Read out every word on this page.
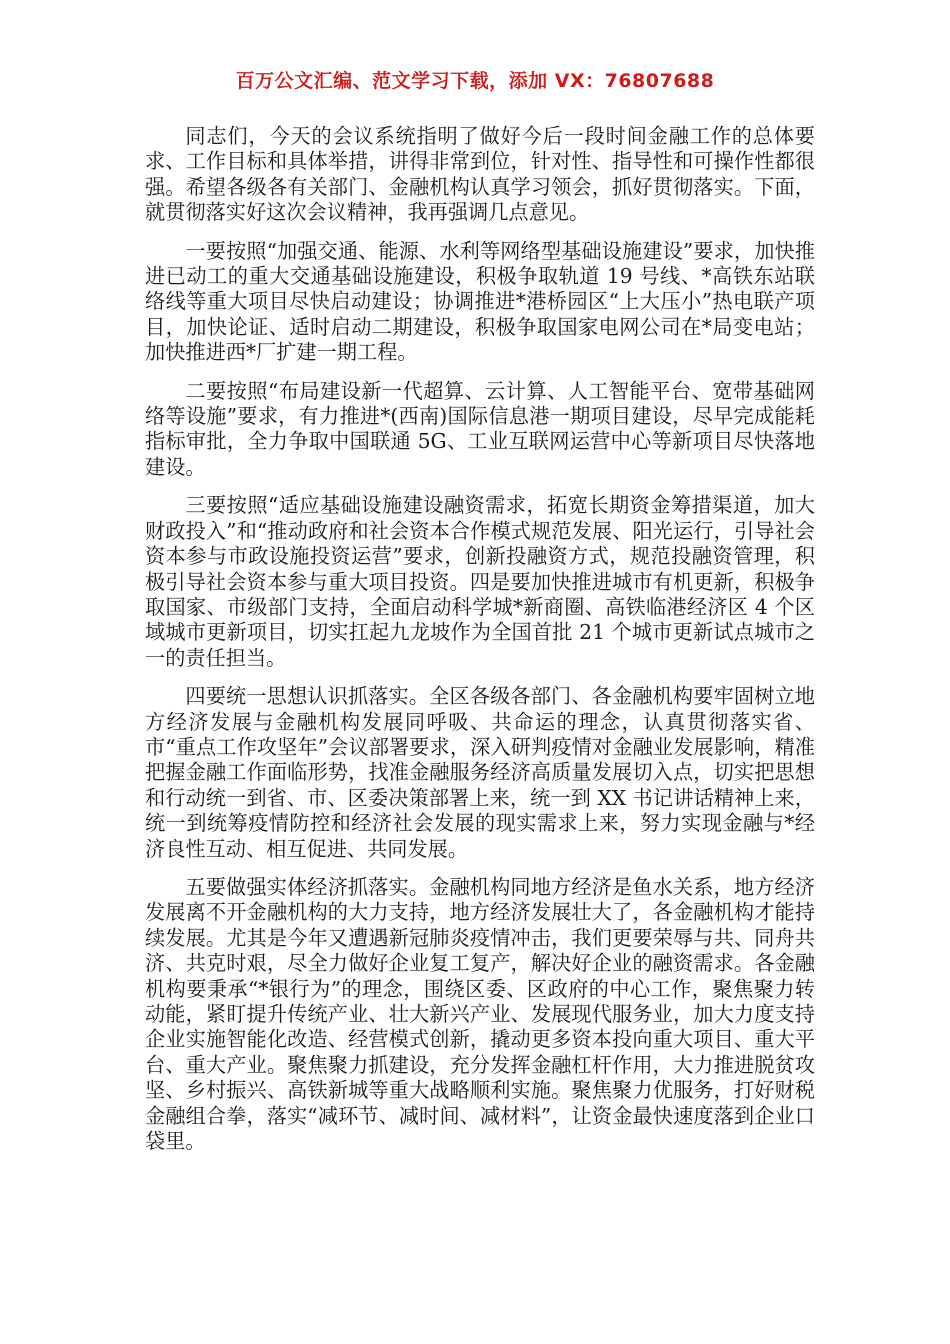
百万公文汇编、范文学习下载，添加 VX：76807688

同志们，今天的会议系统指明了做好今后一段时间金融工作的总体要求、工作目标和具体举措，讲得非常到位，针对性、指导性和可操作性都很强。希望各级各有关部门、金融机构认真学习领会，抓好贯彻落实。下面，就贯彻落实好这次会议精神，我再强调几点意见。

一要按照“加强交通、能源、水利等网络型基础设施建设”要求，加快推进已动工的重大交通基础设施建设，积极争取轨道 19 号线、*高铁东站联络线等重大项目尽快启动建设；协调推进*港桥园区“上大压小”热电联产项目，加快论证、适时启动二期建设，积极争取国家电网公司在*局变电站；加快推进西*厂扩建一期工程。

二要按照“布局建设新一代超算、云计算、人工智能平台、宽带基础网络等设施”要求，有力推进*(西南)国际信息港一期项目建设，尽早完成能耗指标审批，全力争取中国联通 5G、工业互联网运营中心等新项目尽快落地建设。

三要按照“适应基础设施建设融资需求，拓宽长期资金筹措渠道，加大财政投入”和“推动政府和社会资本合作模式规范发展、阳光运行，引导社会资本参与市政设施投资运营”要求，创新投融资方式，规范投融资管理，积极引导社会资本参与重大项目投资。四是要加快推进城市有机更新，积极争取国家、市级部门支持，全面启动科学城*新商圈、高铁临港经济区 4 个区域城市更新项目，切实扛起九龙坡作为全国首批 21 个城市更新试点城市之一的责任担当。

四要统一思想认识抓落实。全区各级各部门、各金融机构要牢固树立地方经济发展与金融机构发展同呼吸、共命运的理念，认真贯彻落实省、市“重点工作攻坚年”会议部署要求，深入研判疫情对金融业发展影响，精准把握金融工作面临形势，找准金融服务经济高质量发展切入点，切实把思想和行动统一到省、市、区委决策部署上来，统一到 XX 书记讲话精神上来，统一到统筹疫情防控和经济社会发展的现实需求上来，努力实现金融与*经济良性互动、相互促进、共同发展。

五要做强实体经济抓落实。金融机构同地方经济是鱼水关系，地方经济发展离不开金融机构的大力支持，地方经济发展壮大了，各金融机构才能持续发展。尤其是今年又遭遇新冠肺炎疫情冲击，我们更要荣辱与共、同舟共济、共克时艰，尽全力做好企业复工复产，解决好企业的融资需求。各金融机构要秉承“*银行为”的理念，围绕区委、区政府的中心工作，聚焦聚力转动能，紧盯提升传统产业、壮大新兴产业、发展现代服务业，加大力度支持企业实施智能化改造、经营模式创新，撬动更多资本投向重大项目、重大平台、重大产业。聚焦聚力抓建设，充分发挥金融杠杆作用，大力推进脱贫攻坚、乡村振兴、高铁新城等重大战略顺利实施。聚焦聚力优服务，打好财税金融组合拳，落实“减环节、减时间、减材料”，让资金最快速度落到企业口袋里。
